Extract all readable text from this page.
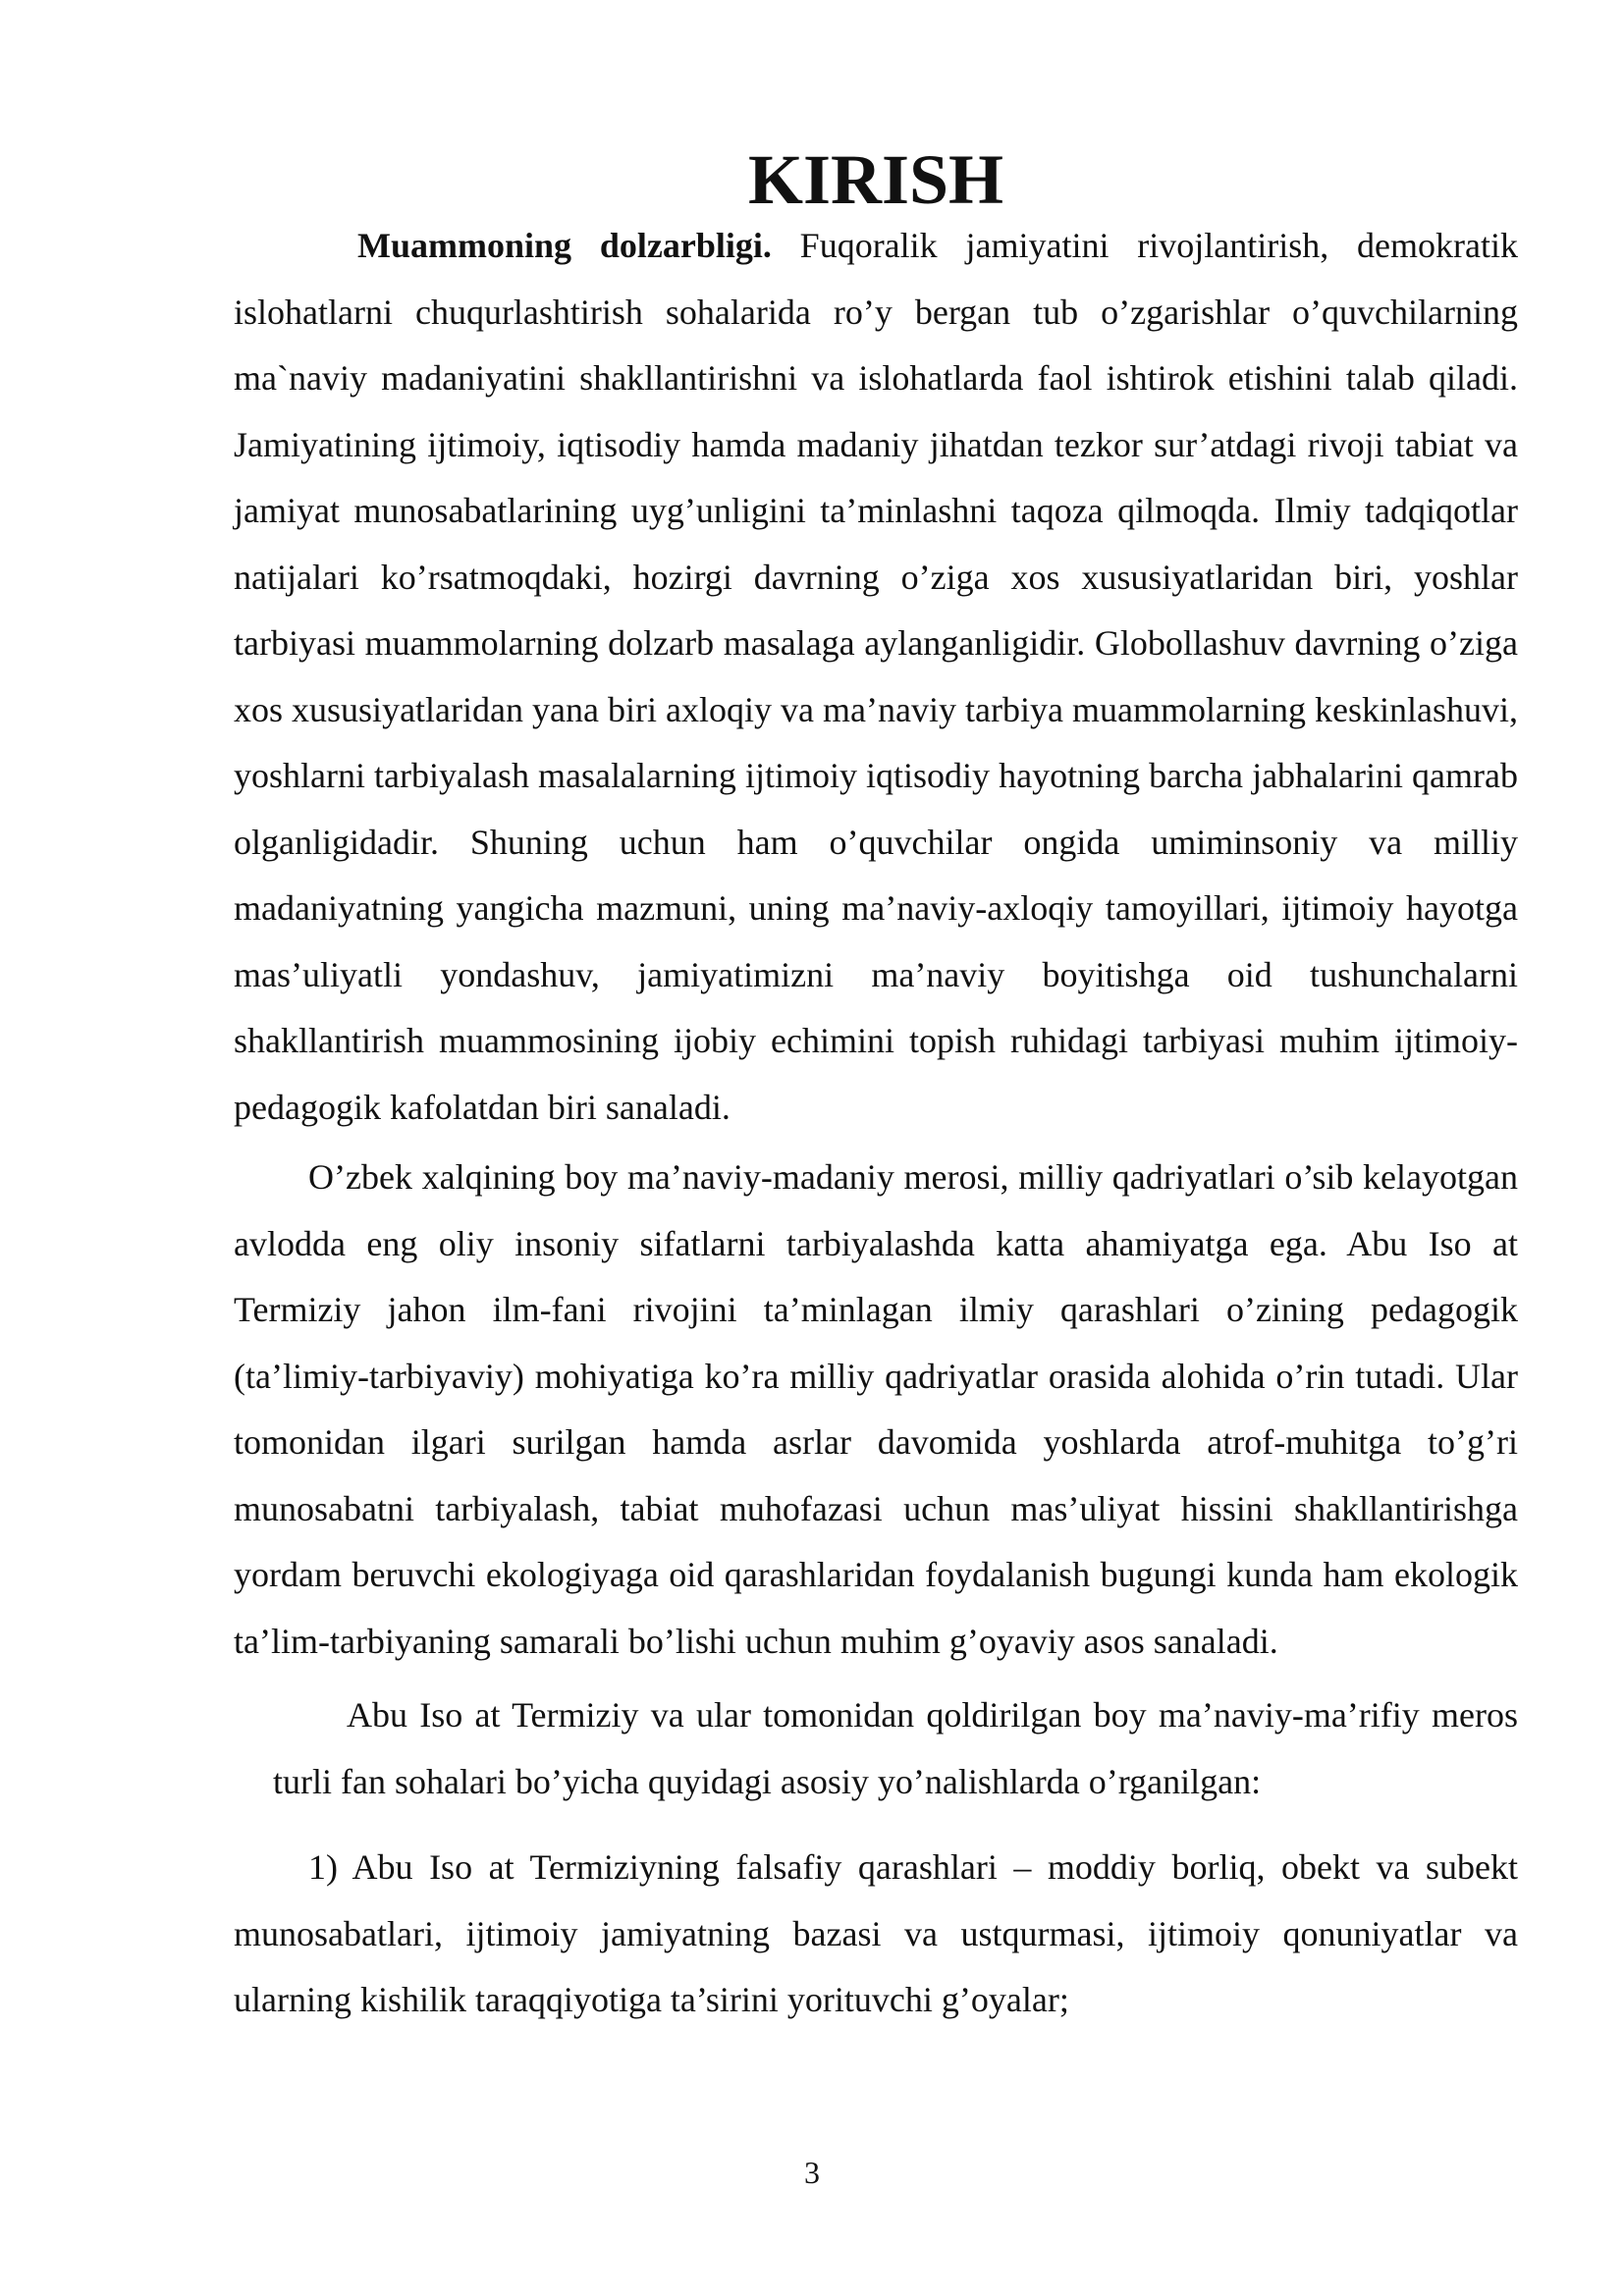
KIRISH

Muammoning dolzarbligi. Fuqoralik jamiyatini rivojlantirish, demokratik islohatlarni chuqurlashtirish sohalarida ro’y bergan tub o’zgarishlar o’quvchilarning ma`naviy madaniyatini shakllantirishni va islohatlarda faol ishtirok etishini talab qiladi. Jamiyatining ijtimoiy, iqtisodiy hamda madaniy jihatdan tezkor sur’atdagi rivoji tabiat va jamiyat munosabatlarining uyg’unligini ta’minlashni taqoza qilmoqda. Ilmiy tadqiqotlar natijalari ko’rsatmoqdaki, hozirgi davrning o’ziga xos xususiyatlaridan biri, yoshlar tarbiyasi muammolarning dolzarb masalaga aylanganligidir. Globollashuv davrning o’ziga xos xususiyatlaridan yana biri axloqiy va ma’naviy tarbiya muammolarning keskinlashuvi, yoshlarni tarbiyalash masalalarning ijtimoiy iqtisodiy hayotning barcha jabhalarini qamrab olganligidadir. Shuning uchun ham o’quvchilar ongida umiminsoniy va milliy madaniyatning yangicha mazmuni, uning ma’naviy-axloqiy tamoyillari, ijtimoiy hayotga mas’uliyatli yondashuv, jamiyatimizni ma’naviy boyitishga oid tushunchalarni shakllantirish muammosining ijobiy echimini topish ruhidagi tarbiyasi muhim ijtimoiy-pedagogik kafolatdan biri sanaladi.

O’zbek xalqining boy ma’naviy-madaniy merosi, milliy qadriyatlari o’sib kelayotgan avlodda eng oliy insoniy sifatlarni tarbiyalashda katta ahamiyatga ega. Abu Iso at Termiziy jahon ilm-fani rivojini ta’minlagan ilmiy qarashlari o’zining pedagogik (ta’limiy-tarbiyaviy) mohiyatiga ko’ra milliy qadriyatlar orasida alohida o’rin tutadi. Ular tomonidan ilgari surilgan hamda asrlar davomida yoshlarda atrof-muhitga to’g’ri munosabatni tarbiyalash, tabiat muhofazasi uchun mas’uliyat hissini shakllantirishga yordam beruvchi ekologiyaga oid qarashlaridan foydalanish bugungi kunda ham ekologik ta’lim-tarbiyaning samarali bo’lishi uchun muhim g’oyaviy asos sanaladi.

Abu Iso at Termiziy va ular tomonidan qoldirilgan boy ma’naviy-ma’rifiy meros turli fan sohalari bo’yicha quyidagi asosiy yo’nalishlarda o’rganilgan:

1) Abu Iso at Termiziyning falsafiy qarashlari – moddiy borliq, obekt va subekt munosabatlari, ijtimoiy jamiyatning bazasi va ustqurmasi, ijtimoiy qonuniyatlar va ularning kishilik taraqqiyotiga ta’sirini yorituvchi g’oyalar;

3
